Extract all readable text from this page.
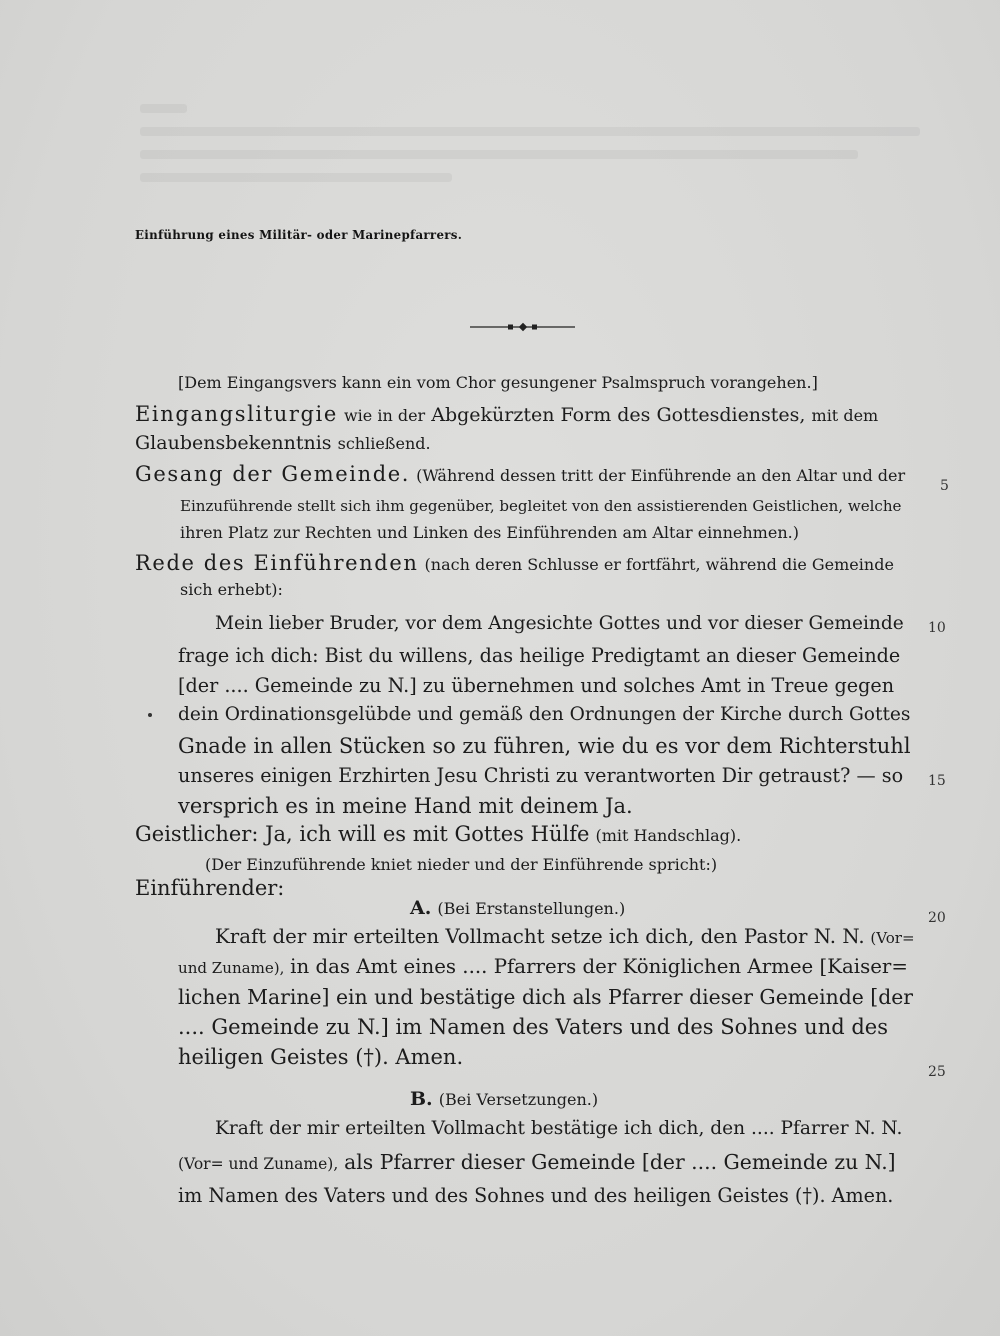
Einführung eines Militär- oder Marinepfarrers.
[Dem Eingangsvers kann ein vom Chor gesungener Psalmspruch vorangehen.]
Eingangsliturgie wie in der Abgekürzten Form des Gottesdienstes, mit dem
Glaubensbekenntnis schließend.
Gesang der Gemeinde. (Während dessen tritt der Einführende an den Altar und der
Einzuführende stellt sich ihm gegenüber, begleitet von den assistierenden Geistlichen, welche
ihren Platz zur Rechten und Linken des Einführenden am Altar einnehmen.)
Rede des Einführenden (nach deren Schlusse er fortfährt, während die Gemeinde
sich erhebt):
Mein lieber Bruder, vor dem Angesichte Gottes und vor dieser Gemeinde
frage ich dich: Bist du willens, das heilige Predigtamt an dieser Gemeinde
[der .... Gemeinde zu N.] zu übernehmen und solches Amt in Treue gegen
dein Ordinationsgelübde und gemäß den Ordnungen der Kirche durch Gottes
Gnade in allen Stücken so zu führen, wie du es vor dem Richterstuhl
unseres einigen Erzhirten Jesu Christi zu verantworten Dir getraust? — so
versprich es in meine Hand mit deinem Ja.
Geistlicher: Ja, ich will es mit Gottes Hülfe (mit Handschlag).
(Der Einzuführende kniet nieder und der Einführende spricht:)
Einführender:
A. (Bei Erstanstellungen.)
Kraft der mir erteilten Vollmacht setze ich dich, den Pastor N. N. (Vor=
und Zuname), in das Amt eines .... Pfarrers der Königlichen Armee [Kaiser=
lichen Marine] ein und bestätige dich als Pfarrer dieser Gemeinde [der
.... Gemeinde zu N.] im Namen des Vaters und des Sohnes und des
heiligen Geistes (†). Amen.
B. (Bei Versetzungen.)
Kraft der mir erteilten Vollmacht bestätige ich dich, den .... Pfarrer N. N.
(Vor= und Zuname), als Pfarrer dieser Gemeinde [der .... Gemeinde zu N.]
im Namen des Vaters und des Sohnes und des heiligen Geistes (†). Amen.
5
10
15
20
25
